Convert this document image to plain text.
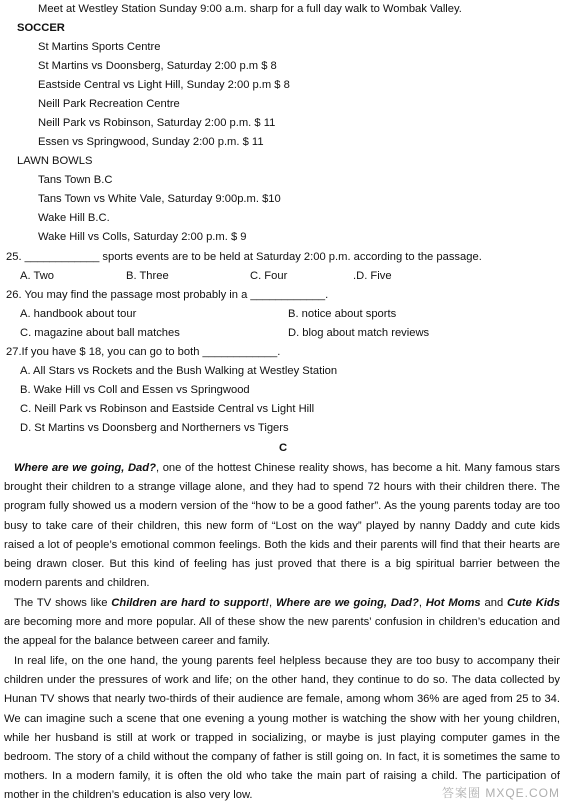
Meet at Westley Station Sunday 9:00 a.m. sharp for a full day walk to Wombak Valley.
SOCCER
St Martins Sports Centre
St Martins vs Doonsberg, Saturday 2:00 p.m $ 8
Eastside Central vs Light Hill, Sunday 2:00 p.m $ 8
Neill Park Recreation Centre
Neill Park vs Robinson, Saturday 2:00 p.m. $ 11
Essen vs Springwood, Sunday 2:00 p.m. $ 11
LAWN BOWLS
Tans Town B.C
Tans Town vs White Vale, Saturday 9:00p.m. $10
Wake Hill B.C.
Wake Hill vs Colls, Saturday 2:00 p.m. $ 9
25. ____________ sports events are to be held at Saturday 2:00 p.m. according to the passage.
A. Two	B. Three	C. Four	.D. Five
26. You may find the passage most probably in a ____________.
A. handbook about tour	B. notice about sports
C. magazine about ball matches	D. blog about match reviews
27.If you have $ 18, you can go to both ____________.
A. All Stars vs Rockets and the Bush Walking at Westley Station
B. Wake Hill vs Coll and Essen vs Springwood
C. Neill Park vs Robinson and Eastside Central vs Light Hill
D. St Martins vs Doonsberg and Northerners vs Tigers
C
Where are we going, Dad?, one of the hottest Chinese reality shows, has become a hit. Many famous stars brought their children to a strange village alone, and they had to spend 72 hours with their children there. The program fully showed us a modern version of the “how to be a good father”. As the young parents today are too busy to take care of their children, this new form of “Lost on the way” played by nanny Daddy and cute kids raised a lot of people’s emotional common feelings. Both the kids and their parents will find that their hearts are being drawn closer. But this kind of feeling has just proved that there is a big spiritual barrier between the modern parents and children.
The TV shows like Children are hard to support!, Where are we going, Dad?, Hot Moms and Cute Kids are becoming more and more popular. All of these show the new parents’ confusion in children’s education and the appeal for the balance between career and family.
In real life, on the one hand, the young parents feel helpless because they are too busy to accompany their children under the pressures of work and life; on the other hand, they continue to do so. The data collected by Hunan TV shows that nearly two-thirds of their audience are female, among whom 36% are aged from 25 to 34. We can imagine such a scene that one evening a young mother is watching the show with her young children, while her husband is still at work or trapped in socializing, or maybe is just playing computer games in the bedroom. The story of a child without the company of father is still going on. In fact, it is sometimes the same to mothers. In a modern family, it is often the old who take the main part of raising a child. The participation of mother in the children’s education is also very low.	答案圈 MXQE.COM
